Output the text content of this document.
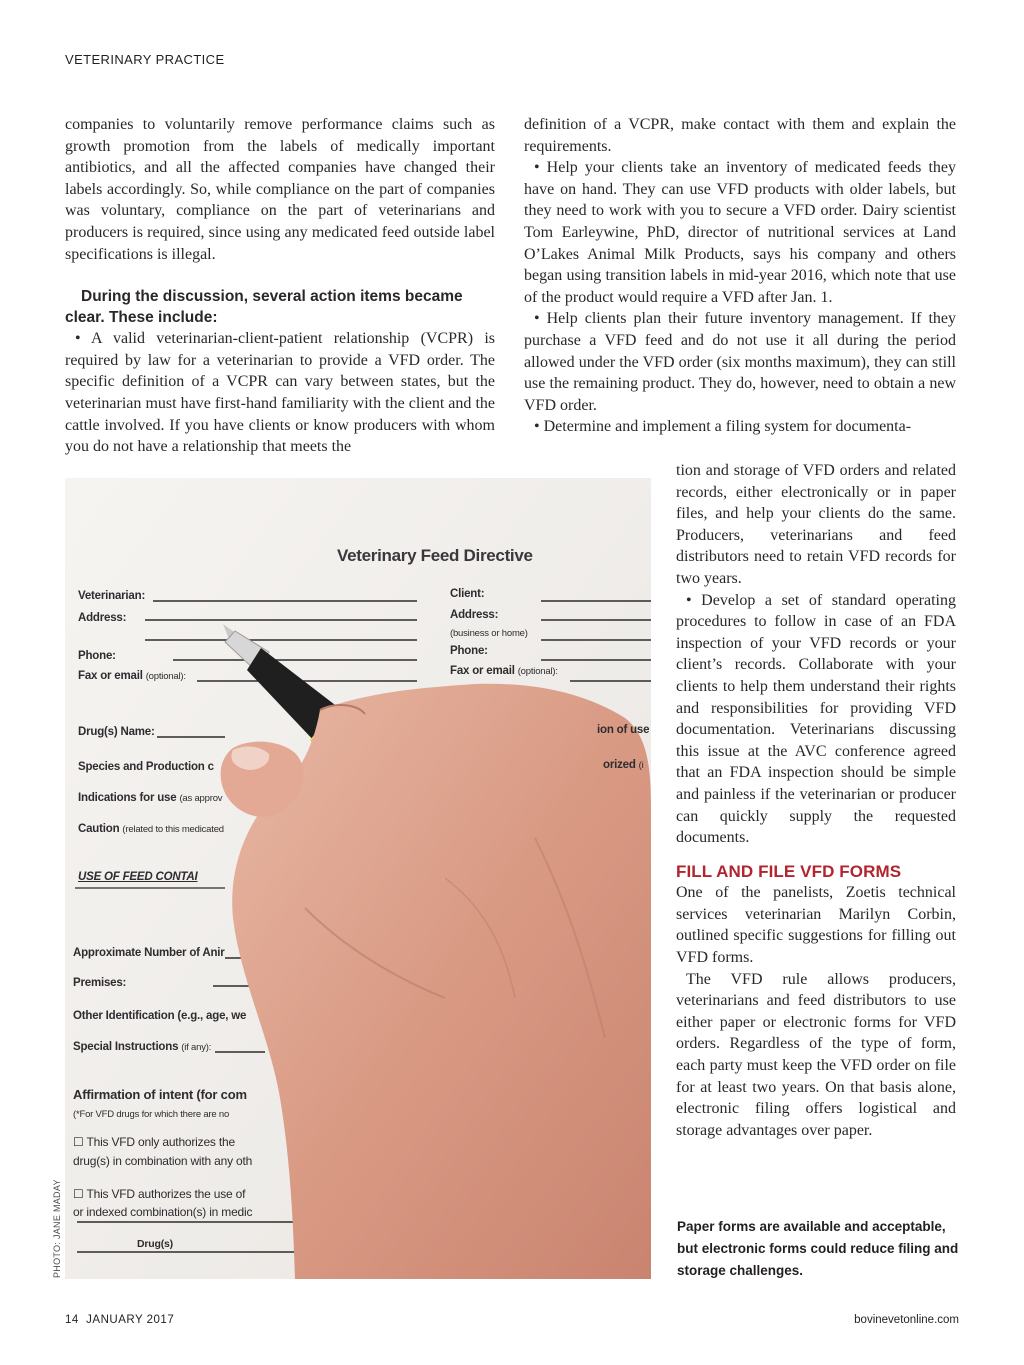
VETERINARY PRACTICE

companies to voluntarily remove performance claims such as growth promotion from the labels of medically important antibiotics, and all the affected companies have changed their labels accordingly. So, while compliance on the part of companies was voluntary, compliance on the part of veterinarians and producers is required, since using any medicated feed outside label specifications is illegal.

During the discussion, several action items became clear. These include:

• A valid veterinarian-client-patient relationship (VCPR) is required by law for a veterinarian to provide a VFD order. The specific definition of a VCPR can vary between states, but the veterinarian must have first-hand familiarity with the client and the cattle involved. If you have clients or know producers with whom you do not have a relationship that meets the

definition of a VCPR, make contact with them and explain the requirements.

• Help your clients take an inventory of medicated feeds they have on hand. They can use VFD products with older labels, but they need to work with you to secure a VFD order. Dairy scientist Tom Earleywine, PhD, director of nutritional services at Land O’Lakes Animal Milk Products, says his company and others began using transition labels in mid-year 2016, which note that use of the product would require a VFD after Jan. 1.

• Help clients plan their future inventory management. If they purchase a VFD feed and do not use it all during the period allowed under the VFD order (six months maximum), they can still use the remaining product. They do, however, need to obtain a new VFD order.

• Determine and implement a filing system for documenta-

tion and storage of VFD orders and related records, either electronically or in paper files, and help your clients do the same. Producers, veterinarians and feed distributors need to retain VFD records for two years.

• Develop a set of standard operating procedures to follow in case of an FDA inspection of your VFD records or your client’s records. Collaborate with your clients to help them understand their rights and responsibilities for providing VFD documentation. Veterinarians discussing this issue at the AVC conference agreed that an FDA inspection should be simple and painless if the veterinarian or producer can quickly supply the requested documents.

FILL AND FILE VFD FORMS

One of the panelists, Zoetis technical services veterinarian Marilyn Corbin, outlined specific suggestions for filling out VFD forms.

The VFD rule allows producers, veterinarians and feed distributors to use either paper or electronic forms for VFD orders. Regardless of the type of form, each party must keep the VFD order on file for at least two years. On that basis alone, electronic filing offers logistical and storage advantages over paper.

Veterinary Feed Directive
Veterinarian:
Address:
Phone:
Fax or email (optional):
Client:
Address:
(business or home)
Phone:
Fax or email (optional):
Drug(s) Name:
Species and Production c
Indications for use (as approv
Caution (related to this medicated
USE OF FEED CONTAI
Approximate Number of Anir
Premises:
Other Identification (e.g., age, we
Special Instructions (if any):
Affirmation of intent (for com
(*For VFD drugs for which there are no
☐ This VFD only authorizes the
drug(s) in combination with any oth
☐ This VFD authorizes the use of
or indexed combination(s) in medic
Drug(s)
ion of use
orized (i
PHOTO: JANE MADAY	Paper forms are available and acceptable, but electronic forms could reduce filing and storage challenges.
14  JANUARY 2017	bovinevetonline.com
